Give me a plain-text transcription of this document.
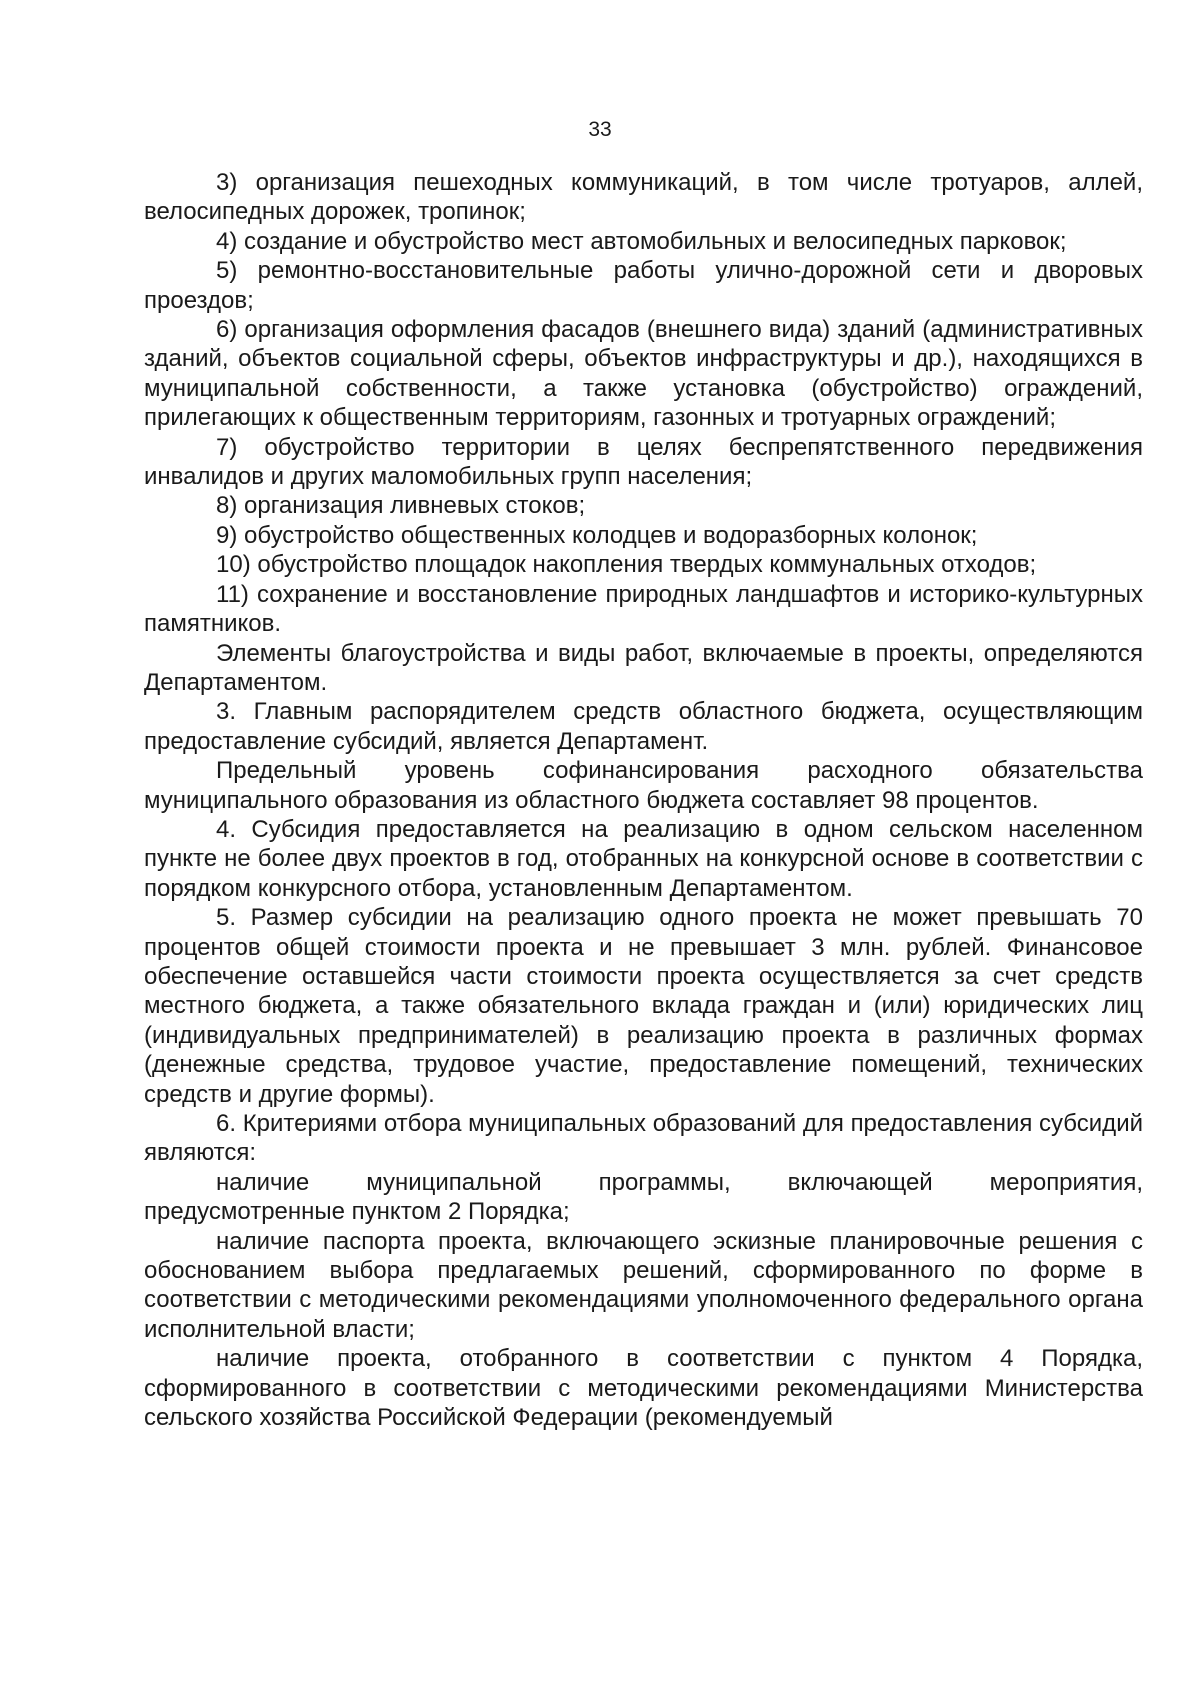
33

3) организация пешеходных коммуникаций, в том числе тротуаров, аллей, велосипедных дорожек, тропинок;

4) создание и обустройство мест автомобильных и велосипедных парковок;

5) ремонтно-восстановительные работы улично-дорожной сети и дворовых проездов;

6) организация оформления фасадов (внешнего вида) зданий (административных зданий, объектов социальной сферы, объектов инфраструктуры и др.), находящихся в муниципальной собственности, а также установка (обустройство) ограждений, прилегающих к общественным территориям, газонных и тротуарных ограждений;

7) обустройство территории в целях беспрепятственного передвижения инвалидов и других маломобильных групп населения;

8) организация ливневых стоков;

9) обустройство общественных колодцев и водоразборных колонок;

10) обустройство площадок накопления твердых коммунальных отходов;

11) сохранение и восстановление природных ландшафтов и историко-культурных памятников.

Элементы благоустройства и виды работ, включаемые в проекты, определяются Департаментом.

3. Главным распорядителем средств областного бюджета, осуществляющим предоставление субсидий, является Департамент.

Предельный уровень софинансирования расходного обязательства муниципального образования из областного бюджета составляет 98 процентов.

4. Субсидия предоставляется на реализацию в одном сельском населенном пункте не более двух проектов в год, отобранных на конкурсной основе в соответствии с порядком конкурсного отбора, установленным Департаментом.

5. Размер субсидии на реализацию одного проекта не может превышать 70 процентов общей стоимости проекта и не превышает 3 млн. рублей. Финансовое обеспечение оставшейся части стоимости проекта осуществляется за счет средств местного бюджета, а также обязательного вклада граждан и (или) юридических лиц (индивидуальных предпринимателей) в реализацию проекта в различных формах (денежные средства, трудовое участие, предоставление помещений, технических средств и другие формы).

6. Критериями отбора муниципальных образований для предоставления субсидий являются:

наличие муниципальной программы, включающей мероприятия, предусмотренные пунктом 2 Порядка;

наличие паспорта проекта, включающего эскизные планировочные решения с обоснованием выбора предлагаемых решений, сформированного по форме в соответствии с методическими рекомендациями уполномоченного федерального органа исполнительной власти;

наличие проекта, отобранного в соответствии с пунктом 4 Порядка, сформированного в соответствии с методическими рекомендациями Министерства сельского хозяйства Российской Федерации (рекомендуемый
